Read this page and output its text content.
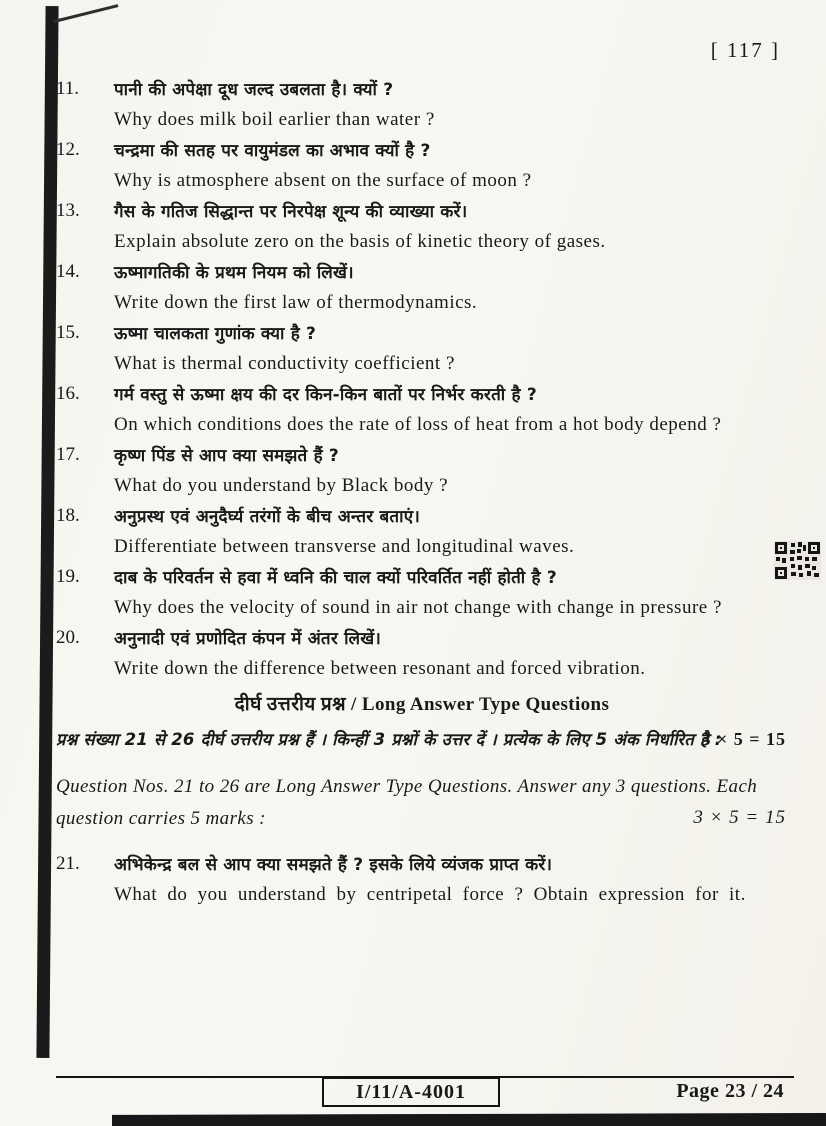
[ 117 ]
11.	पानी की अपेक्षा दूध जल्द उबलता है। क्यों ?
Why does milk boil earlier than water ?
12.	चन्द्रमा की सतह पर वायुमंडल का अभाव क्यों है ?
Why is atmosphere absent on the surface of moon ?
13.	गैस के गतिज सिद्धान्त पर निरपेक्ष शून्य की व्याख्या करें।
Explain absolute zero on the basis of kinetic theory of gases.
14.	ऊष्मागतिकी के प्रथम नियम को लिखें।
Write down the first law of thermodynamics.
15.	ऊष्मा चालकता गुणांक क्या है ?
What is thermal conductivity coefficient ?
16.	गर्म वस्तु से ऊष्मा क्षय की दर किन-किन बातों पर निर्भर करती है ?
On which conditions does the rate of loss of heat from a hot body depend ?
17.	कृष्ण पिंड से आप क्या समझते हैं ?
What do you understand by Black body ?
18.	अनुप्रस्थ एवं अनुदैर्घ्य तरंगों के बीच अन्तर बताएं।
Differentiate between transverse and longitudinal waves.
19.	दाब के परिवर्तन से हवा में ध्वनि की चाल क्यों परिवर्तित नहीं होती है ?
Why does the velocity of sound in air not change with change in pressure ?
20.	अनुनादी एवं प्रणोदित कंपन में अंतर लिखें।
Write down the difference between resonant and forced vibration.
दीर्घ उत्तरीय प्रश्न / Long Answer Type Questions
प्रश्न संख्या 21 से 26 दीर्घ उत्तरीय प्रश्न हैं । किन्हीं 3 प्रश्नों के उत्तर दें । प्रत्येक के लिए 5 अंक निर्धारित है :
3 × 5 = 15
Question Nos. 21 to 26 are Long Answer Type Questions. Answer any 3 questions. Each question carries 5 marks :	3 × 5 = 15
21.	अभिकेन्द्र बल से आप क्या समझते हैं ? इसके लिये व्यंजक प्राप्त करें।
What do you understand by centripetal force ? Obtain expression for it.
I/11/A-4001	Page 23 / 24
